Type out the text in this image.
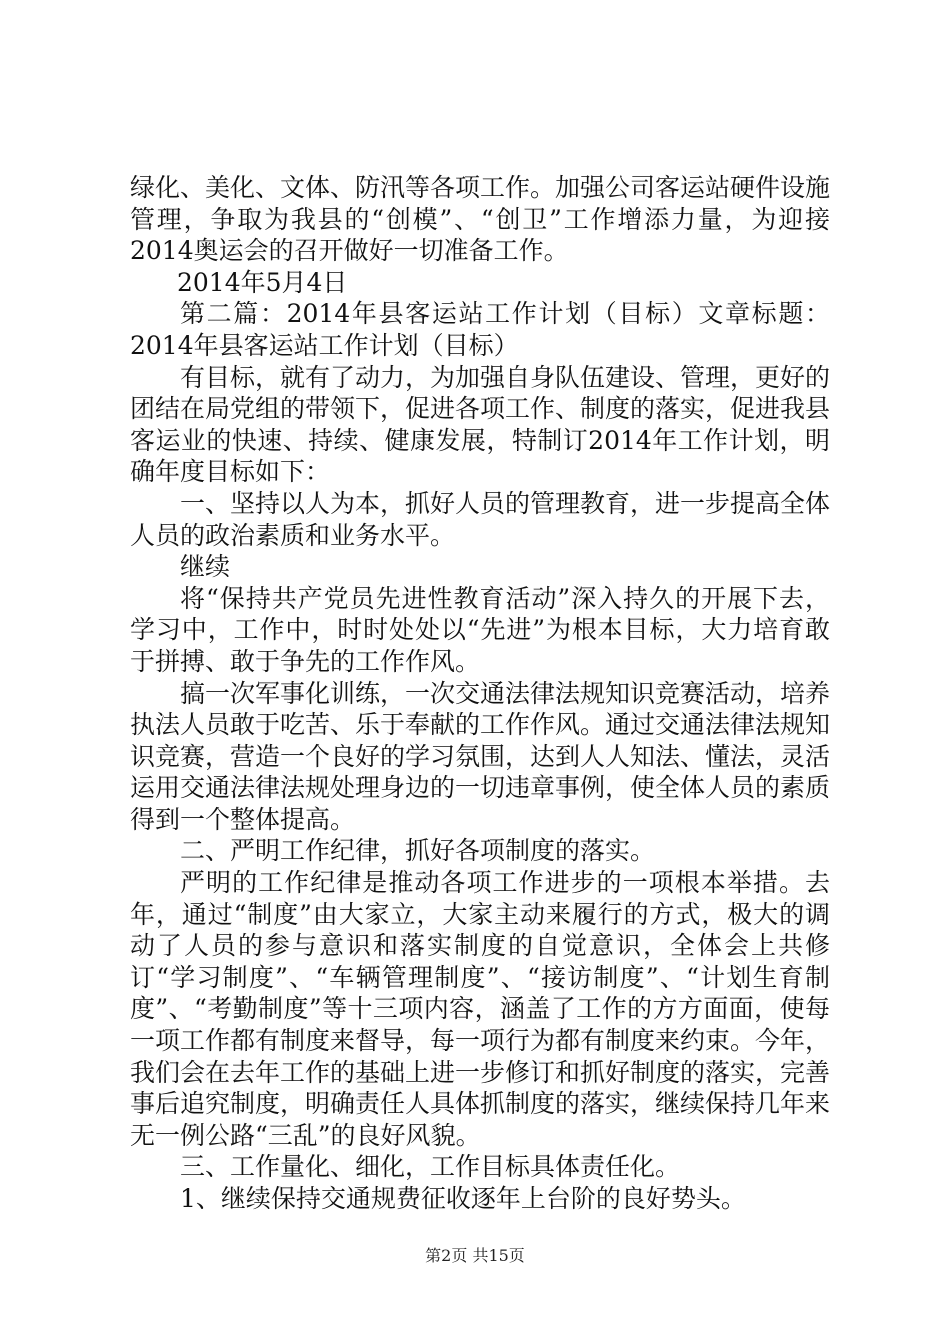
绿化、美化、文体、防汛等各项工作。加强公司客运站硬件设施管理，争取为我县的“创模”、“创卫”工作增添力量，为迎接2014奥运会的召开做好一切准备工作。

2014年5月4日

第二篇：2014年县客运站工作计划（目标）文章标题：2014年县客运站工作计划（目标）

有目标，就有了动力，为加强自身队伍建设、管理，更好的团结在局党组的带领下，促进各项工作、制度的落实，促进我县客运业的快速、持续、健康发展，特制订2014年工作计划，明确年度目标如下：

一、坚持以人为本，抓好人员的管理教育，进一步提高全体人员的政治素质和业务水平。

继续

将“保持共产党员先进性教育活动”深入持久的开展下去，学习中，工作中，时时处处以“先进”为根本目标，大力培育敢于拼搏、敢于争先的工作作风。

搞一次军事化训练，一次交通法律法规知识竞赛活动，培养执法人员敢于吃苦、乐于奉献的工作作风。通过交通法律法规知识竞赛，营造一个良好的学习氛围，达到人人知法、懂法，灵活运用交通法律法规处理身边的一切违章事例，使全体人员的素质得到一个整体提高。

二、严明工作纪律，抓好各项制度的落实。

严明的工作纪律是推动各项工作进步的一项根本举措。去年，通过“制度”由大家立，大家主动来履行的方式，极大的调动了人员的参与意识和落实制度的自觉意识，全体会上共修订“学习制度”、“车辆管理制度”、“接访制度”、“计划生育制度”、“考勤制度”等十三项内容，涵盖了工作的方方面面，使每一项工作都有制度来督导，每一项行为都有制度来约束。今年，我们会在去年工作的基础上进一步修订和抓好制度的落实，完善事后追究制度，明确责任人具体抓制度的落实，继续保持几年来无一例公路“三乱”的良好风貌。

三、工作量化、细化，工作目标具体责任化。

1、继续保持交通规费征收逐年上台阶的良好势头。

第2页 共15页
